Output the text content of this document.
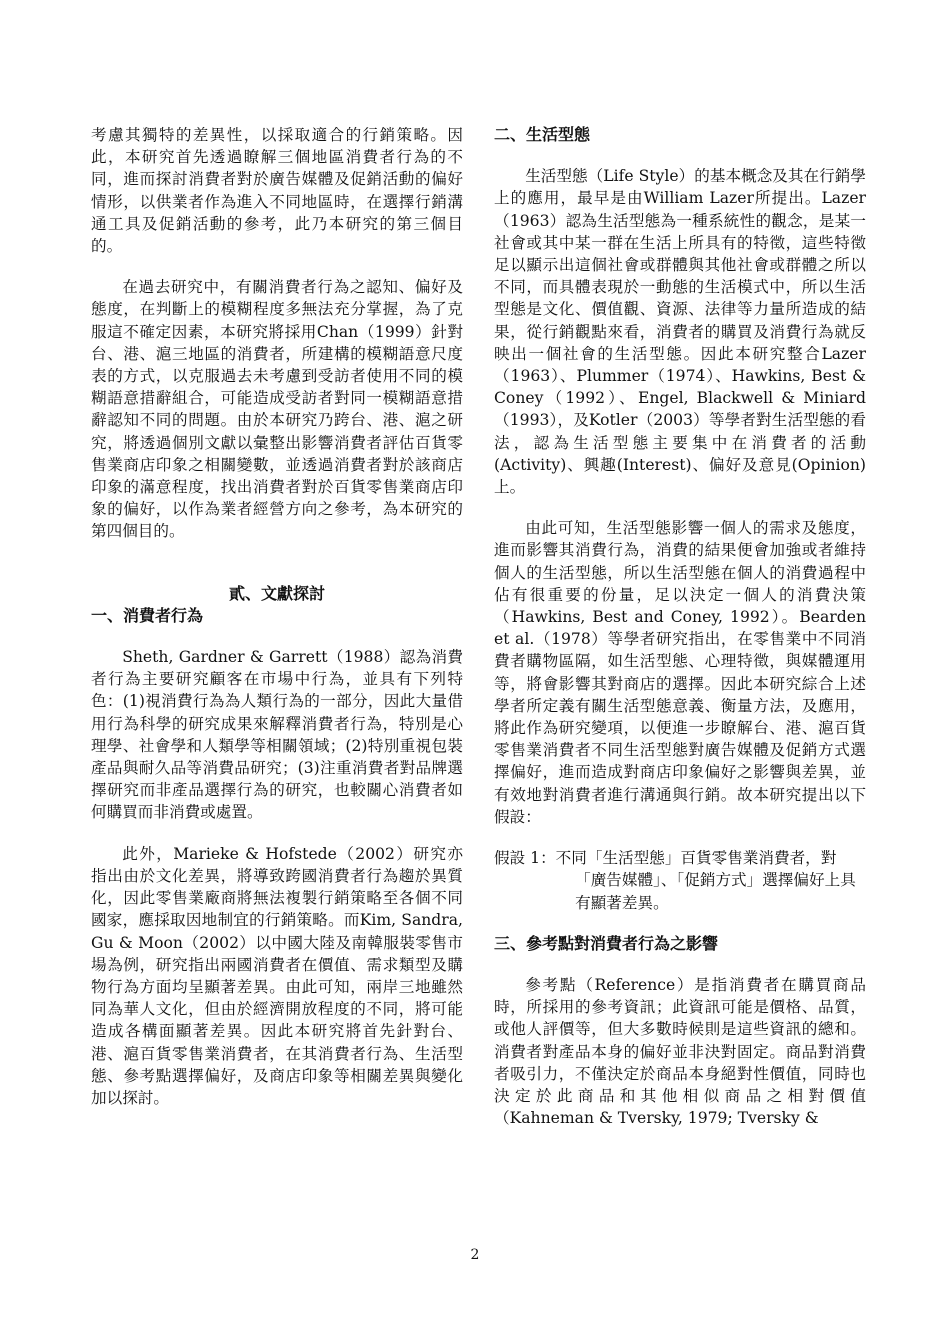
考慮其獨特的差異性，以採取適合的行銷策略。因此，本研究首先透過瞭解三個地區消費者行為的不同，進而探討消費者對於廣告媒體及促銷活動的偏好情形，以供業者作為進入不同地區時，在選擇行銷溝通工具及促銷活動的參考，此乃本研究的第三個目的。

在過去研究中，有關消費者行為之認知、偏好及態度，在判斷上的模糊程度多無法充分掌握，為了克服這不確定因素，本研究將採用Chan（1999）針對台、港、滬三地區的消費者，所建構的模糊語意尺度表的方式，以克服過去未考慮到受訪者使用不同的模糊語意措辭組合，可能造成受訪者對同一模糊語意措辭認知不同的問題。由於本研究乃跨台、港、滬之研究，將透過個別文獻以彙整出影響消費者評估百貨零售業商店印象之相關變數，並透過消費者對於該商店印象的滿意程度，找出消費者對於百貨零售業商店印象的偏好，以作為業者經營方向之參考，為本研究的第四個目的。

貳、文獻探討

一、消費者行為

Sheth, Gardner & Garrett（1988）認為消費者行為主要研究顧客在市場中行為，並具有下列特色：(1)視消費行為為人類行為的一部分，因此大量借用行為科學的研究成果來解釋消費者行為，特別是心理學、社會學和人類學等相關領域；(2)特別重視包裝產品與耐久品等消費品研究；(3)注重消費者對品牌選擇研究而非產品選擇行為的研究，也較關心消費者如何購買而非消費或處置。

此外，Marieke & Hofstede（2002）研究亦指出由於文化差異，將導致跨國消費者行為趨於異質化，因此零售業廠商將無法複製行銷策略至各個不同國家，應採取因地制宜的行銷策略。而Kim, Sandra, Gu & Moon（2002）以中國大陸及南韓服裝零售市場為例，研究指出兩國消費者在價值、需求類型及購物行為方面均呈顯著差異。由此可知，兩岸三地雖然同為華人文化，但由於經濟開放程度的不同，將可能造成各構面顯著差異。因此本研究將首先針對台、港、滬百貨零售業消費者，在其消費者行為、生活型態、參考點選擇偏好，及商店印象等相關差異與變化加以探討。

二、生活型態

生活型態（Life Style）的基本概念及其在行銷學上的應用，最早是由William Lazer所提出。Lazer（1963）認為生活型態為一種系統性的觀念，是某一社會或其中某一群在生活上所具有的特徵，這些特徵足以顯示出這個社會或群體與其他社會或群體之所以不同，而具體表現於一動態的生活模式中，所以生活型態是文化、價值觀、資源、法律等力量所造成的結果，從行銷觀點來看，消費者的購買及消費行為就反映出一個社會的生活型態。因此本研究整合Lazer（1963）、Plummer（1974）、Hawkins, Best & Coney（1992）、Engel, Blackwell & Miniard（1993），及Kotler（2003）等學者對生活型態的看法，認為生活型態主要集中在消費者的活動(Activity)、興趣(Interest)、偏好及意見(Opinion)上。

由此可知，生活型態影響一個人的需求及態度，進而影響其消費行為，消費的結果便會加強或者維持個人的生活型態，所以生活型態在個人的消費過程中佔有很重要的份量，足以決定一個人的消費決策（Hawkins, Best and Coney, 1992）。Bearden et al.（1978）等學者研究指出，在零售業中不同消費者購物區隔，如生活型態、心理特徵，與媒體運用等，將會影響其對商店的選擇。因此本研究綜合上述學者所定義有關生活型態意義、衡量方法，及應用，將此作為研究變項，以便進一步瞭解台、港、滬百貨零售業消費者不同生活型態對廣告媒體及促銷方式選擇偏好，進而造成對商店印象偏好之影響與差異，並有效地對消費者進行溝通與行銷。故本研究提出以下假設：

假設 1：不同「生活型態」百貨零售業消費者，對「廣告媒體」、「促銷方式」選擇偏好上具有顯著差異。

三、參考點對消費者行為之影響

參考點（Reference）是指消費者在購買商品時，所採用的參考資訊；此資訊可能是價格、品質，或他人評價等，但大多數時候則是這些資訊的總和。消費者對產品本身的偏好並非決對固定。商品對消費者吸引力，不僅決定於商品本身絕對性價值，同時也決定於此商品和其他相似商品之相對價值（Kahneman & Tversky, 1979; Tversky &

2
